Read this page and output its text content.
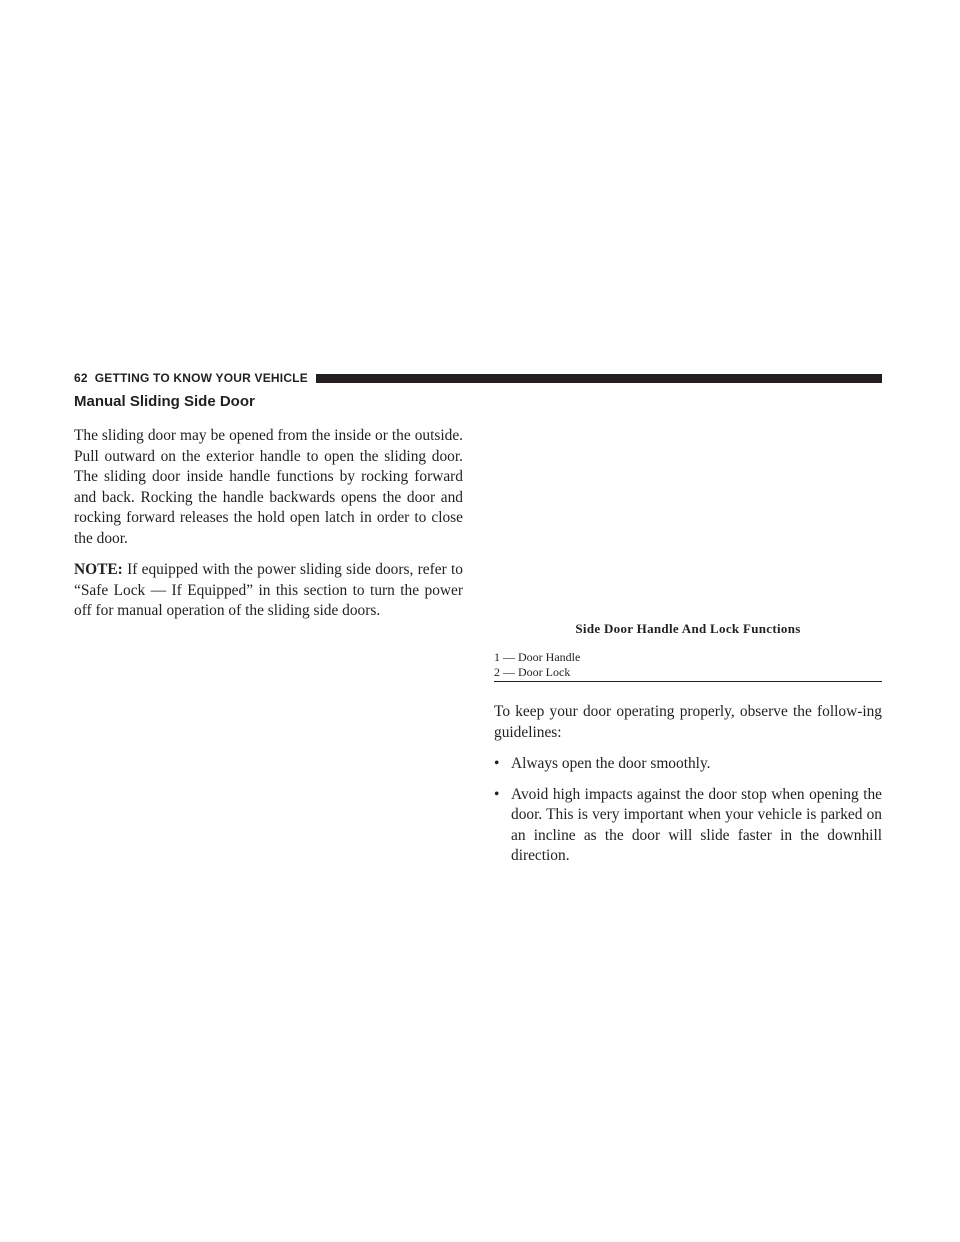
62 GETTING TO KNOW YOUR VEHICLE
Manual Sliding Side Door

The sliding door may be opened from the inside or the outside. Pull outward on the exterior handle to open the sliding door. The sliding door inside handle functions by rocking forward and back. Rocking the handle backwards opens the door and rocking forward releases the hold open latch in order to close the door.

NOTE: If equipped with the power sliding side doors, refer to “Safe Lock — If Equipped” in this section to turn the power off for manual operation of the sliding side doors.

Side Door Handle And Lock Functions
1 — Door Handle
2 — Door Lock

To keep your door operating properly, observe the follow-ing guidelines:

• Always open the door smoothly.
• Avoid high impacts against the door stop when opening the door. This is very important when your vehicle is parked on an incline as the door will slide faster in the downhill direction.
